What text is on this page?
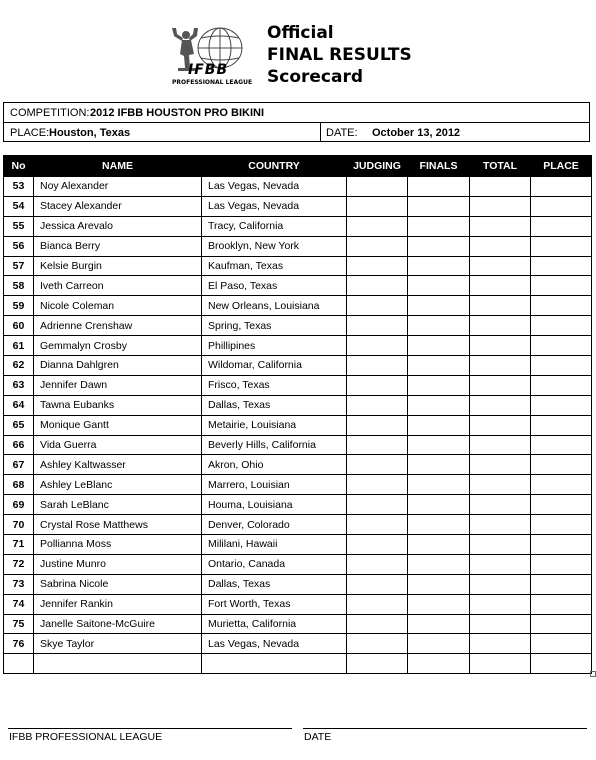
IFBB
PROFESSIONAL LEAGUE
Official
FINAL RESULTS
Scorecard
COMPETITION: 2012 IFBB HOUSTON PRO BIKINI
PLACE: Houston, Texas	DATE: October 13, 2012
No	NAME	COUNTRY	JUDGING	FINALS	TOTAL	PLACE
53	Noy Alexander	Las Vegas, Nevada				
54	Stacey Alexander	Las Vegas, Nevada				
55	Jessica Arevalo	Tracy, California				
56	Bianca Berry	Brooklyn, New York				
57	Kelsie Burgin	Kaufman, Texas				
58	Iveth Carreon	El Paso, Texas				
59	Nicole Coleman	New Orleans, Louisiana				
60	Adrienne Crenshaw	Spring, Texas				
61	Gemmalyn Crosby	Phillipines				
62	Dianna Dahlgren	Wildomar, California				
63	Jennifer Dawn	Frisco, Texas				
64	Tawna Eubanks	Dallas, Texas				
65	Monique Gantt	Metairie, Louisiana				
66	Vida Guerra	Beverly Hills, California				
67	Ashley Kaltwasser	Akron, Ohio				
68	Ashley LeBlanc	Marrero, Louisian				
69	Sarah LeBlanc	Houma, Louisiana				
70	Crystal Rose Matthews	Denver, Colorado				
71	Pollianna Moss	Mililani, Hawaii				
72	Justine Munro	Ontario, Canada				
73	Sabrina Nicole	Dallas, Texas				
74	Jennifer Rankin	Fort Worth, Texas				
75	Janelle Saitone-McGuire	Murietta, California				
76	Skye Taylor	Las Vegas, Nevada				

IFBB PROFESSIONAL LEAGUE	DATE
